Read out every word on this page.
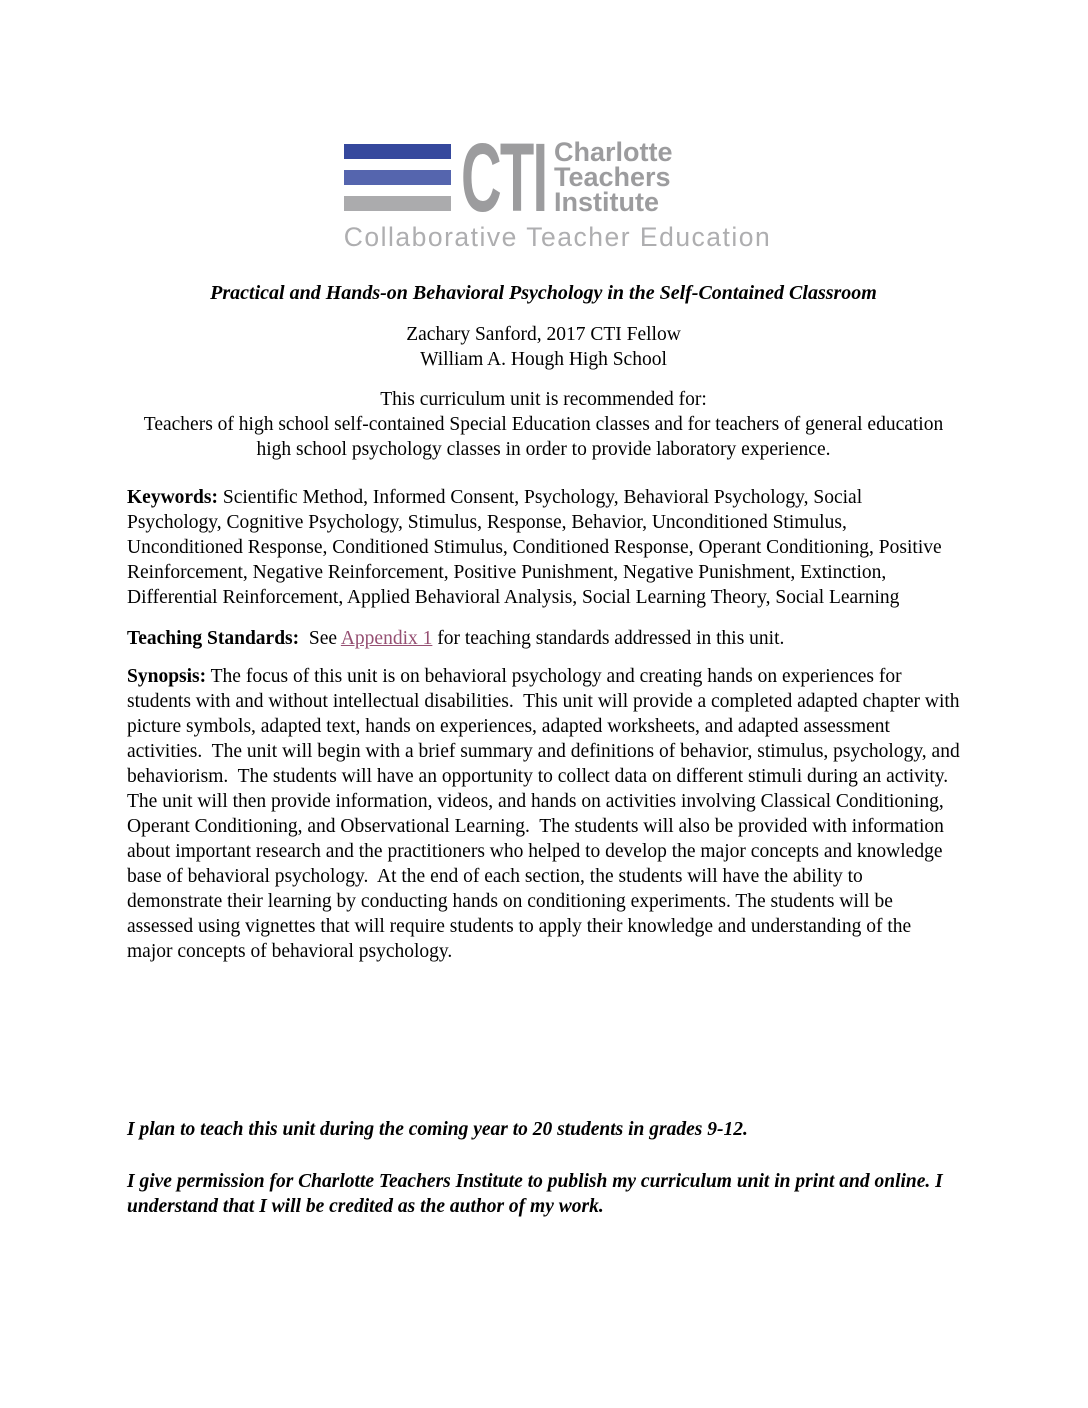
CTI Charlotte
Teachers
Institute
Collaborative Teacher Education
Practical and Hands-on Behavioral Psychology in the Self-Contained Classroom
Zachary Sanford, 2017 CTI Fellow
William A. Hough High School
This curriculum unit is recommended for:
Teachers of high school self-contained Special Education classes and for teachers of general education high school psychology classes in order to provide laboratory experience.

Keywords: Scientific Method, Informed Consent, Psychology, Behavioral Psychology, Social Psychology, Cognitive Psychology, Stimulus, Response, Behavior, Unconditioned Stimulus, Unconditioned Response, Conditioned Stimulus, Conditioned Response, Operant Conditioning, Positive Reinforcement, Negative Reinforcement, Positive Punishment, Negative Punishment, Extinction, Differential Reinforcement, Applied Behavioral Analysis, Social Learning Theory, Social Learning

Teaching Standards:  See Appendix 1 for teaching standards addressed in this unit.

Synopsis: The focus of this unit is on behavioral psychology and creating hands on experiences for students with and without intellectual disabilities.  This unit will provide a completed adapted chapter with picture symbols, adapted text, hands on experiences, adapted worksheets, and adapted assessment activities.  The unit will begin with a brief summary and definitions of behavior, stimulus, psychology, and behaviorism.  The students will have an opportunity to collect data on different stimuli during an activity.  The unit will then provide information, videos, and hands on activities involving Classical Conditioning, Operant Conditioning, and Observational Learning.  The students will also be provided with information about important research and the practitioners who helped to develop the major concepts and knowledge base of behavioral psychology.  At the end of each section, the students will have the ability to demonstrate their learning by conducting hands on conditioning experiments. The students will be assessed using vignettes that will require students to apply their knowledge and understanding of the major concepts of behavioral psychology.

I plan to teach this unit during the coming year to 20 students in grades 9-12.

I give permission for Charlotte Teachers Institute to publish my curriculum unit in print and online. I understand that I will be credited as the author of my work.
